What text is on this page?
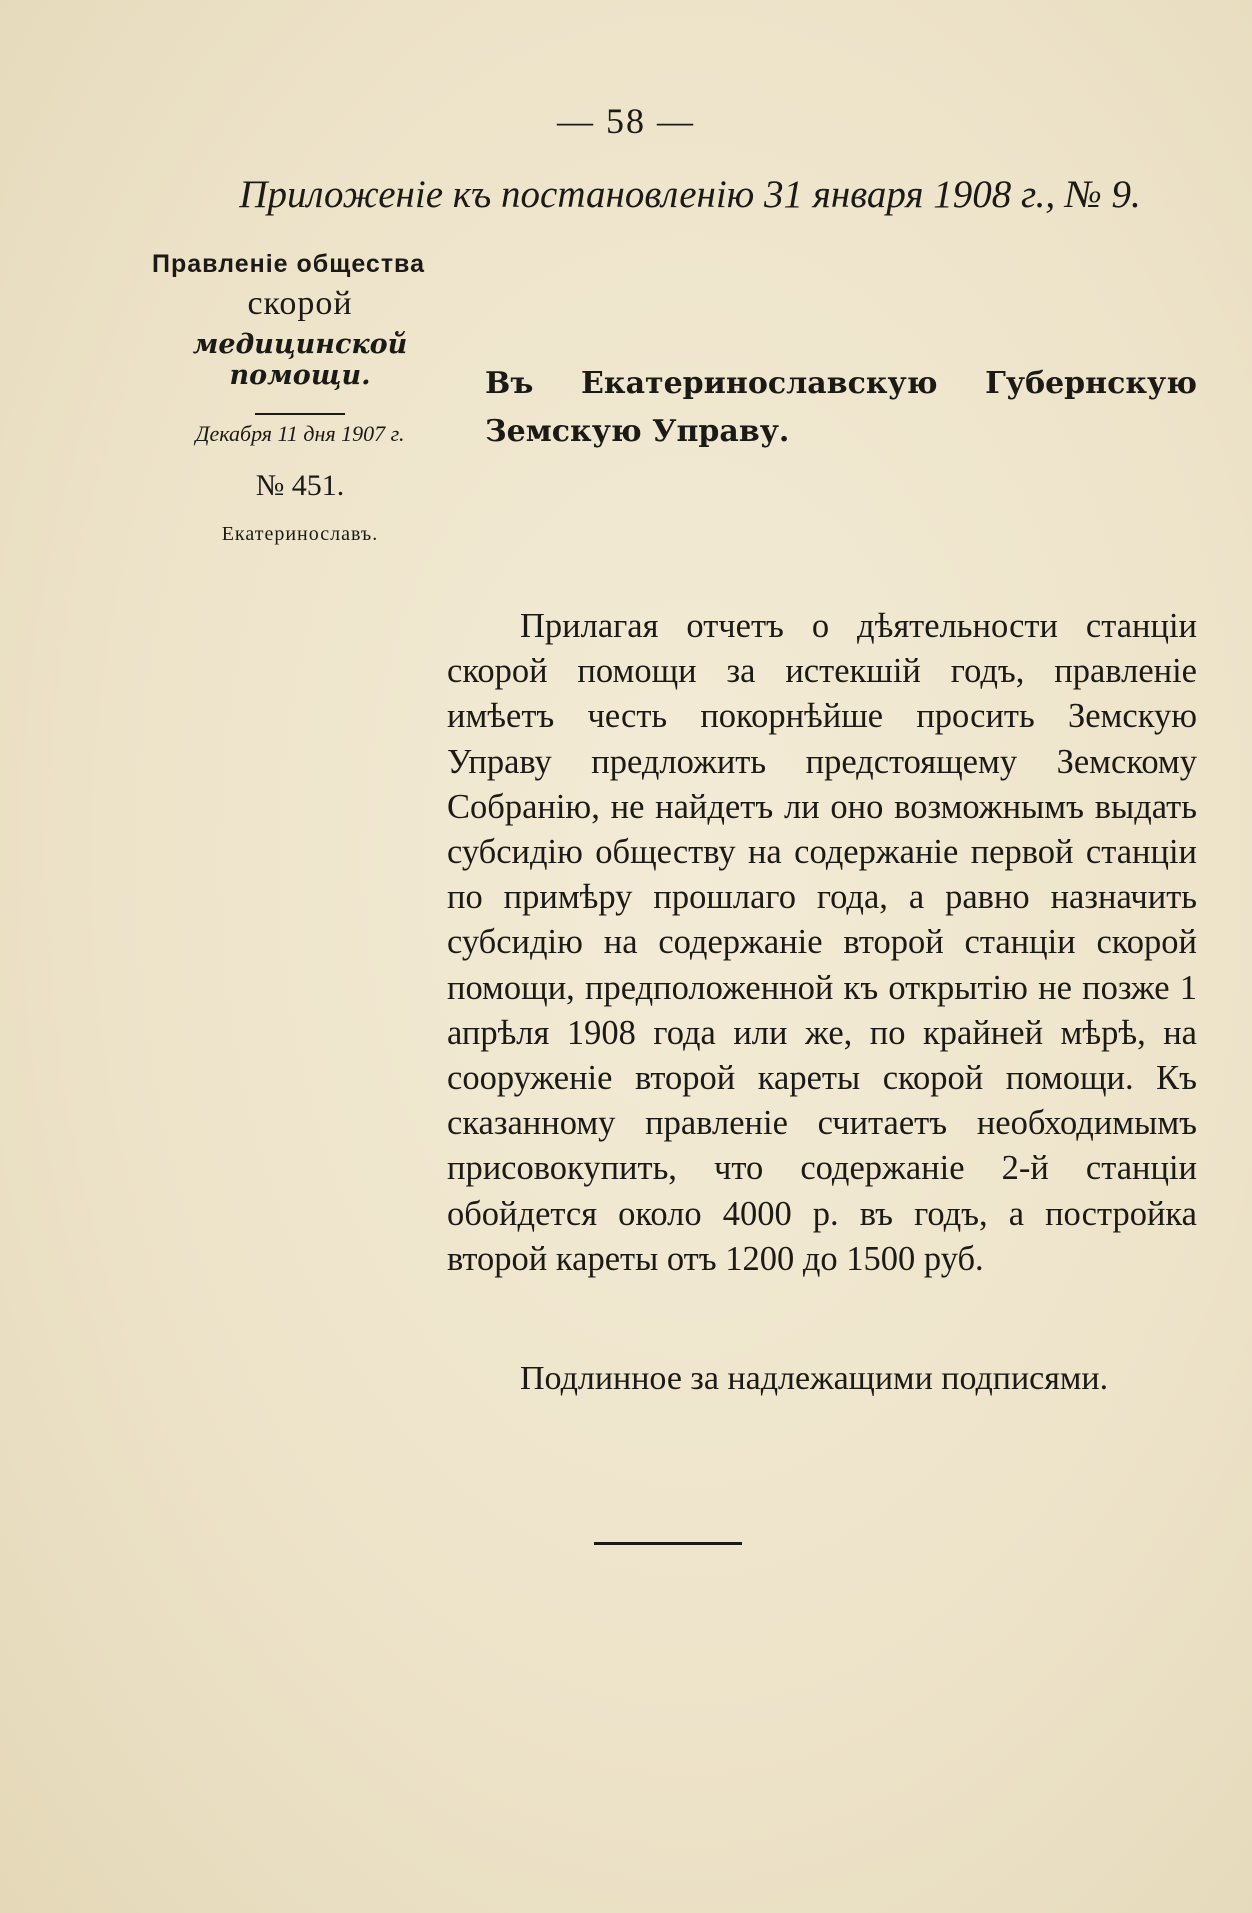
— 58 —
Приложенiе къ постановленiю 31 января 1908 г., № 9.
Правленiе общества
скорой
медицинской помощи.
Декабря 11 дня 1907 г.
№ 451.
Екатеринославъ.
Въ Екатеринославскую Губернскую
Земскую Управу.
Прилагая отчетъ о дѣятельности станцiи скорой помощи за истекшiй годъ, правленiе имѣетъ честь покорнѣйше просить Земскую Управу предложить предстоящему Земскому Собранiю, не найдетъ ли оно возможнымъ выдать субсидiю обществу на содержанiе первой станцiи по примѣру прошлаго года, а равно назначить субсидiю на содержанiе второй станцiи скорой помощи, предположенной къ открытiю не позже 1 апрѣля 1908 года или же, по крайней мѣрѣ, на сооруженiе второй кареты скорой помощи. Къ сказанному правленiе считаетъ необходимымъ присовокупить, что содержанiе 2-й станцiи обойдется около 4000 р. въ годъ, а постройка второй кареты отъ 1200 до 1500 руб.
Подлинное за надлежащими подписями.
